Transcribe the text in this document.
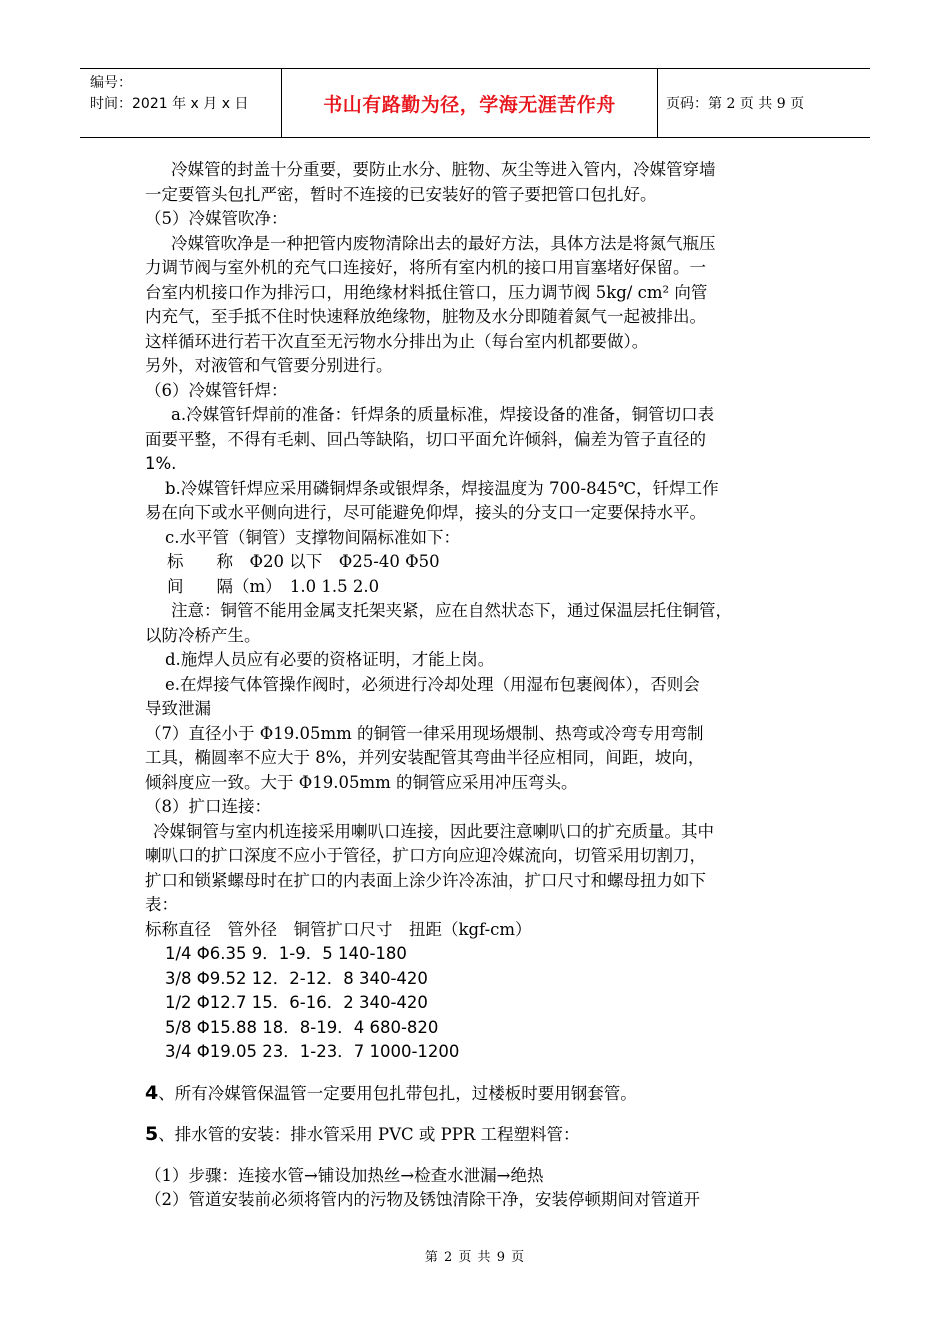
编号：
时间：2021 年 x 月 x 日	书山有路勤为径，学海无涯苦作舟	页码：第 2 页 共 9 页

冷媒管的封盖十分重要，要防止水分、脏物、灰尘等进入管内，冷媒管穿墙

一定要管头包扎严密，暂时不连接的已安装好的管子要把管口包扎好。

（5）冷媒管吹净：

冷媒管吹净是一种把管内废物清除出去的最好方法，具体方法是将氮气瓶压

力调节阀与室外机的充气口连接好，将所有室内机的接口用盲塞堵好保留。一

台室内机接口作为排污口，用绝缘材料抵住管口，压力调节阀 5kg/ cm² 向管

内充气，至手抵不住时快速释放绝缘物，脏物及水分即随着氮气一起被排出。

这样循环进行若干次直至无污物水分排出为止（每台室内机都要做）。

另外，对液管和气管要分别进行。

（6）冷媒管钎焊：

a.冷媒管钎焊前的准备：钎焊条的质量标准，焊接设备的准备，铜管切口表

面要平整，不得有毛刺、回凸等缺陷，切口平面允许倾斜，偏差为管子直径的

1%.

b.冷媒管钎焊应采用磷铜焊条或银焊条，焊接温度为 700-845℃，钎焊工作

易在向下或水平侧向进行，尽可能避免仰焊，接头的分支口一定要保持水平。

c.水平管（铜管）支撑物间隔标准如下：

标　　称　Φ20 以下　Φ25-40 Φ50

间　　隔（m）　1.0 1.5 2.0

注意：铜管不能用金属支托架夹紧，应在自然状态下，通过保温层托住铜管，

以防冷桥产生。

d.施焊人员应有必要的资格证明，才能上岗。

e.在焊接气体管操作阀时，必须进行冷却处理（用湿布包裹阀体），否则会

导致泄漏

（7）直径小于 Φ19.05mm 的铜管一律采用现场煨制、热弯或冷弯专用弯制

工具，椭圆率不应大于 8%，并列安装配管其弯曲半径应相同，间距，坡向，

倾斜度应一致。大于 Φ19.05mm 的铜管应采用冲压弯头。

（8）扩口连接：

冷媒铜管与室内机连接采用喇叭口连接，因此要注意喇叭口的扩充质量。其中

喇叭口的扩口深度不应小于管径，扩口方向应迎冷媒流向，切管采用切割刀，

扩口和锁紧螺母时在扩口的内表面上涂少许冷冻油，扩口尺寸和螺母扭力如下

表：

标称直径　管外径　铜管扩口尺寸　扭距（kgf-cm）

1/4 Φ6.35 9．1-9．5 140-180

3/8 Φ9.52 12．2-12．8 340-420

1/2 Φ12.7 15．6-16．2 340-420

5/8 Φ15.88 18．8-19．4 680-820

3/4 Φ19.05 23．1-23．7 1000-1200

4、所有冷媒管保温管一定要用包扎带包扎，过楼板时要用钢套管。

5、排水管的安装：排水管采用 PVC 或 PPR 工程塑料管：

（1）步骤：连接水管→铺设加热丝→检查水泄漏→绝热

（2）管道安装前必须将管内的污物及锈蚀清除干净，安装停顿期间对管道开

第 2 页 共 9 页
